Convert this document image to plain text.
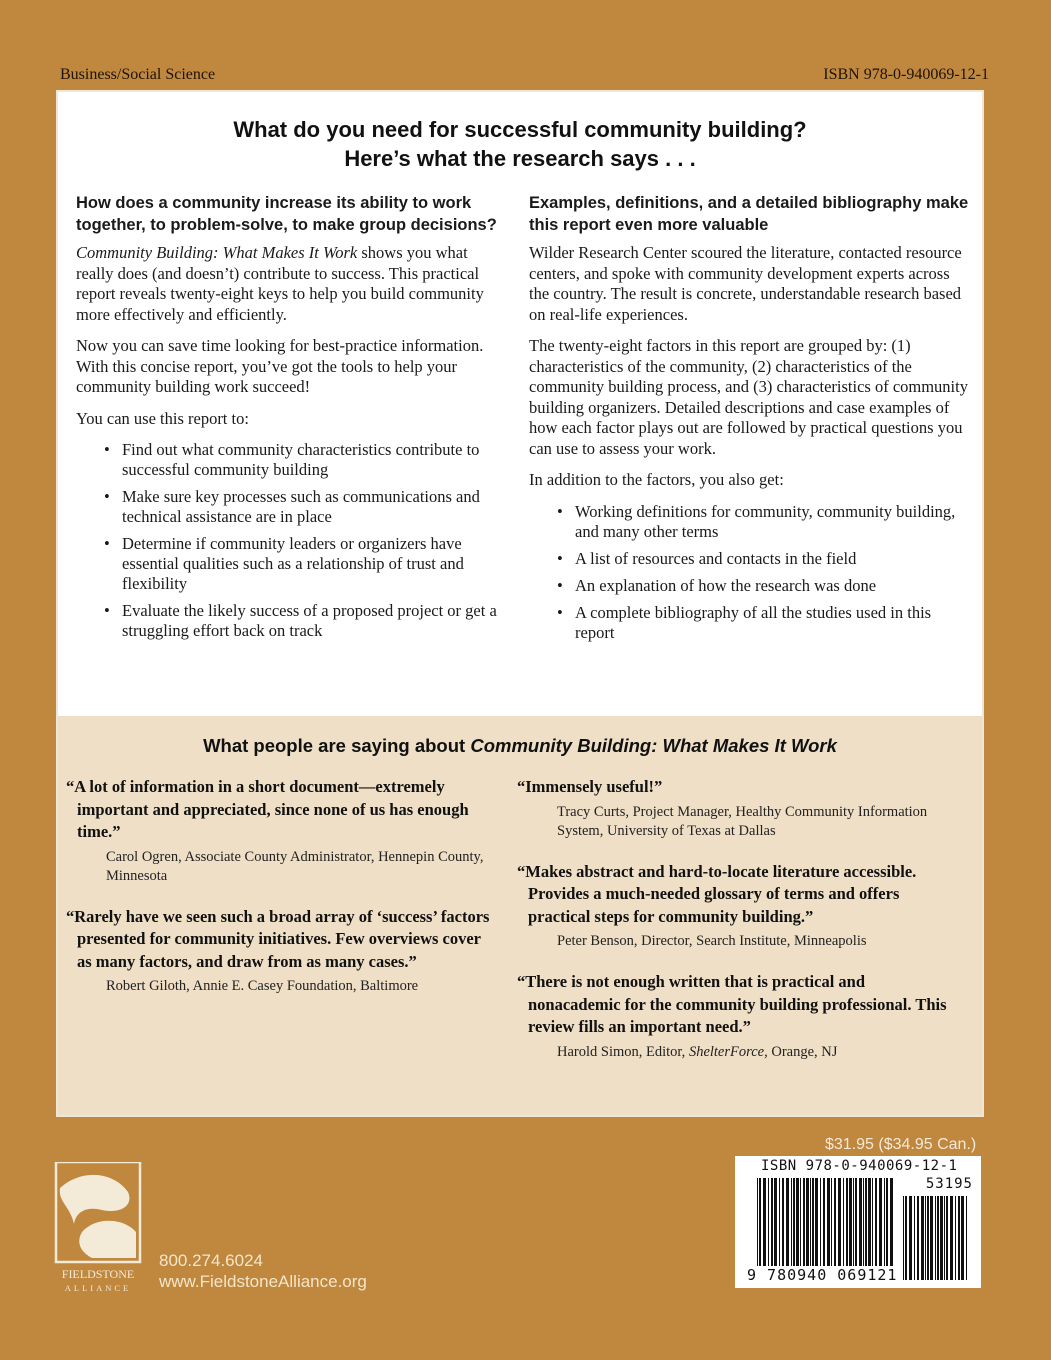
Business/Social Science	ISBN 978-0-940069-12-1
What do you need for successful community building?
Here’s what the research says . . .
How does a community increase its ability to work together, to problem-solve, to make group decisions?

Community Building: What Makes It Work shows you what really does (and doesn’t) contribute to success. This practical report reveals twenty-eight keys to help you build community more effectively and efficiently.

Now you can save time looking for best-practice information. With this concise report, you’ve got the tools to help your community building work succeed!

You can use this report to:

• Find out what community characteristics contribute to successful community building
• Make sure key processes such as communications and technical assistance are in place
• Determine if community leaders or organizers have essential qualities such as a relationship of trust and flexibility
• Evaluate the likely success of a proposed project or get a struggling effort back on track
Examples, definitions, and a detailed bibliography make this report even more valuable

Wilder Research Center scoured the literature, contacted resource centers, and spoke with community development experts across the country. The result is concrete, understandable research based on real-life experiences.

The twenty-eight factors in this report are grouped by: (1) characteristics of the community, (2) characteristics of the community building process, and (3) characteristics of community building organizers. Detailed descriptions and case examples of how each factor plays out are followed by practical questions you can use to assess your work.

In addition to the factors, you also get:

• Working definitions for community, community building, and many other terms
• A list of resources and contacts in the field
• An explanation of how the research was done
• A complete bibliography of all the studies used in this report
What people are saying about Community Building: What Makes It Work
“A lot of information in a short document—extremely important and appreciated, since none of us has enough time.”
Carol Ogren, Associate County Administrator, Hennepin County, Minnesota
“Rarely have we seen such a broad array of ‘success’ factors presented for community initiatives. Few overviews cover as many factors, and draw from as many cases.”
Robert Giloth, Annie E. Casey Foundation, Baltimore
“Immensely useful!”
Tracy Curts, Project Manager, Healthy Community Information System, University of Texas at Dallas
“Makes abstract and hard-to-locate literature accessible. Provides a much-needed glossary of terms and offers practical steps for community building.”
Peter Benson, Director, Search Institute, Minneapolis
“There is not enough written that is practical and nonacademic for the community building professional. This review fills an important need.”
Harold Simon, Editor, ShelterForce, Orange, NJ
FIELDSTONE
ALLIANCE
800.274.6024
www.FieldstoneAlliance.org
$31.95 ($34.95 Can.)
ISBN 978-0-940069-12-1
53195
9 780940 069121
